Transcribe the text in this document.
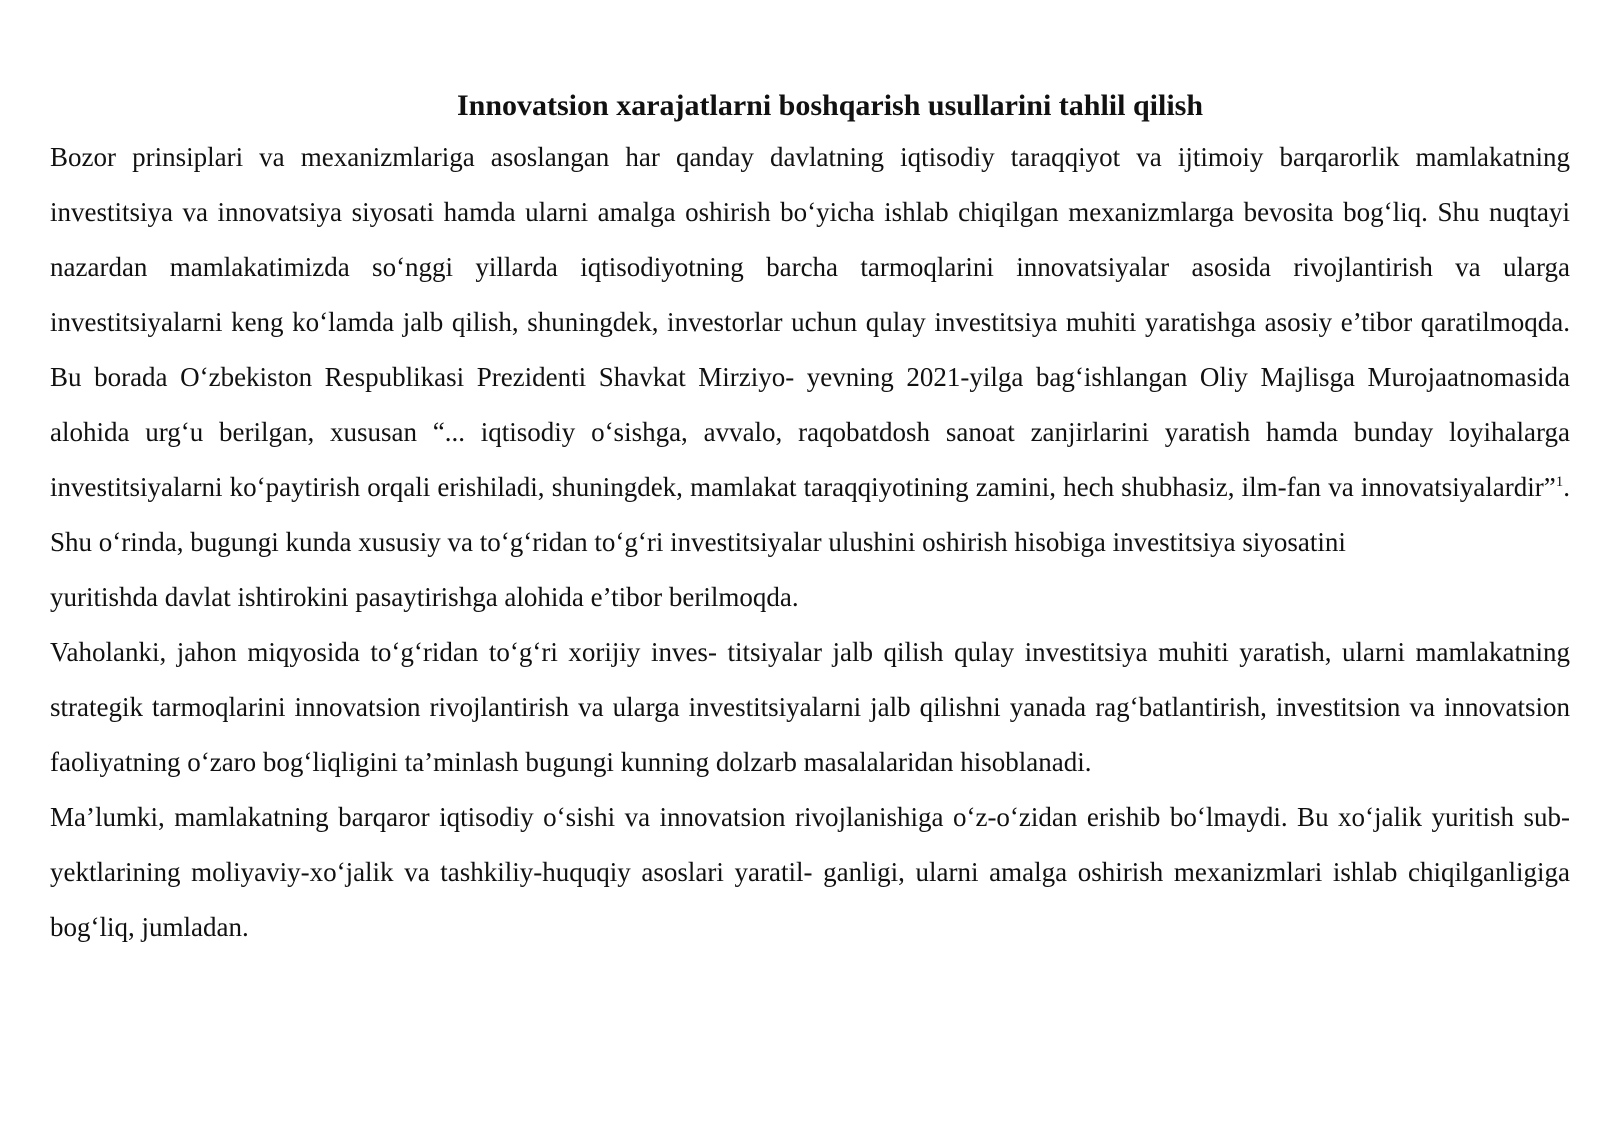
Innovatsion xarajatlarni boshqarish usullarini tahlil qilish

Bozor prinsiplari va mexanizmlariga asoslangan har qanday davlatning iqtisodiy taraqqiyot va ijtimoiy barqarorlik mamlakatning investitsiya va innovatsiya siyosati hamda ularni amalga oshirish bo‘yicha ishlab chiqilgan mexanizmlarga bevosita bog‘liq. Shu nuqtayi nazardan mamlakatimizda so‘nggi yillarda iqtisodiyotning barcha tarmoqlarini innovatsiyalar asosida rivojlantirish va ularga investitsiyalarni keng ko‘lamda jalb qilish, shuningdek, investorlar uchun qulay investitsiya muhiti yaratishga asosiy e’tibor qaratilmoqda. Bu borada O‘zbekiston Respublikasi Prezidenti Shavkat Mirziyo- yevning 2021-yilga bag‘ishlangan Oliy Majlisga Murojaatnomasida alohida urg‘u berilgan, xususan “... iqtisodiy o‘sishga, avvalo, raqobatdosh sanoat zanjirlarini yaratish hamda bunday loyihalarga investitsiyalarni ko‘paytirish orqali erishiladi, shuningdek, mamlakat taraqqiyotining zamini, hech shubhasiz, ilm-fan va innovatsiyalardir”$^1$. Shu o‘rinda, bugungi kunda xususiy va to‘g‘ridan to‘g‘ri investitsiyalar ulushini oshirish hisobiga investitsiya siyosatini

yuritishda davlat ishtirokini pasaytirishga alohida e’tibor berilmoqda.

Vaholanki, jahon miqyosida to‘g‘ridan to‘g‘ri xorijiy inves- titsiyalar jalb qilish qulay investitsiya muhiti yaratish, ularni mamlakatning strategik tarmoqlarini innovatsion rivojlantirish va ularga investitsiyalarni jalb qilishni yanada rag‘batlantirish, investitsion va innovatsion faoliyatning o‘zaro bog‘liqligini ta’minlash bugungi kunning dolzarb masalalaridan hisoblanadi.

Ma’lumki, mamlakatning barqaror iqtisodiy o‘sishi va innovatsion rivojlanishiga o‘z-o‘zidan erishib bo‘lmaydi. Bu xo‘jalik yuritish sub- yektlarining moliyaviy-xo‘jalik va tashkiliy-huquqiy asoslari yaratil- ganligi, ularni amalga oshirish mexanizmlari ishlab chiqilganligiga bog‘liq, jumladan.
